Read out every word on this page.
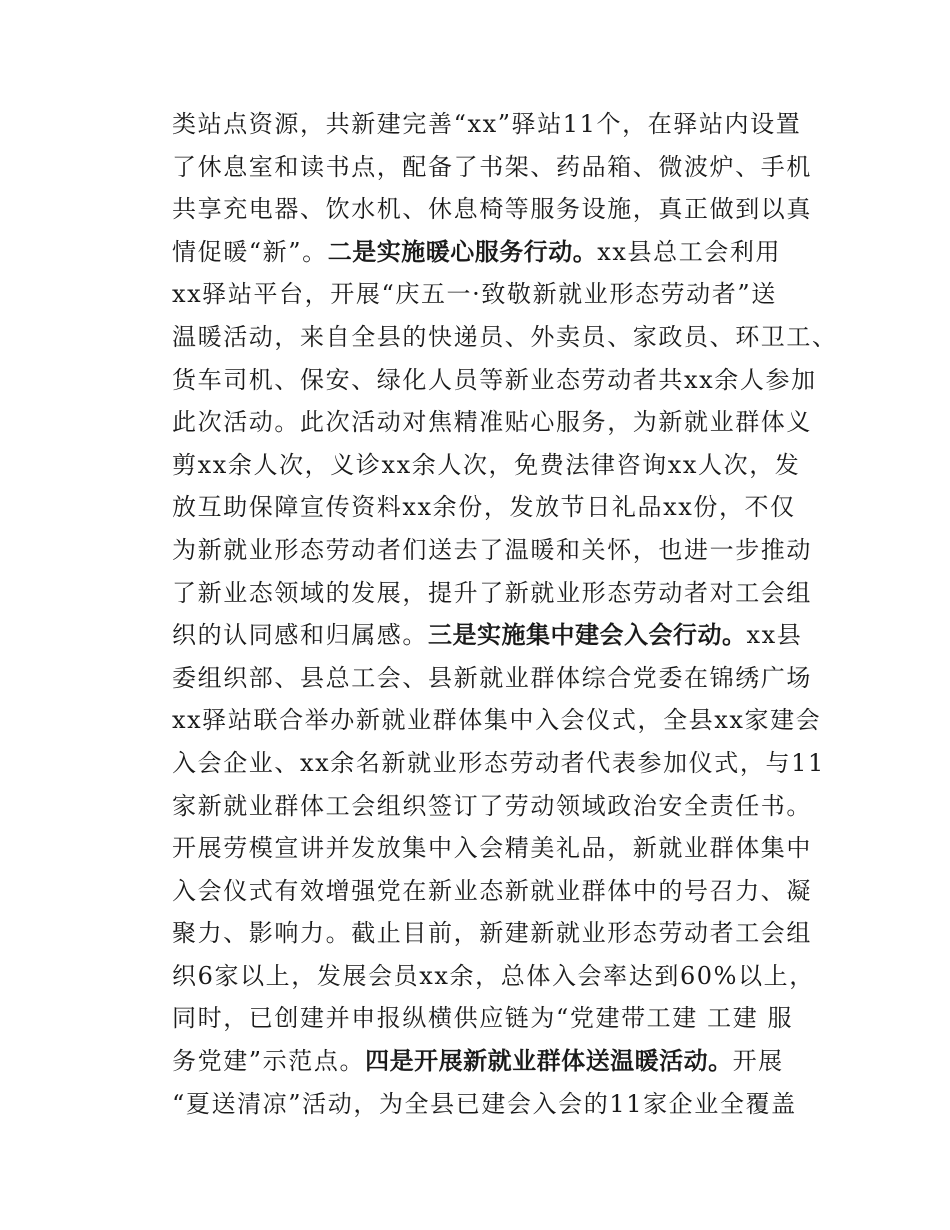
类站点资源，共新建完善“xx”驿站11个，在驿站内设置
了休息室和读书点，配备了书架、药品箱、微波炉、手机
共享充电器、饮水机、休息椅等服务设施，真正做到以真
情促暖“新”。二是实施暖心服务行动。xx县总工会利用
xx驿站平台，开展“庆五一·致敬新就业形态劳动者”送
温暖活动，来自全县的快递员、外卖员、家政员、环卫工、
货车司机、保安、绿化人员等新业态劳动者共xx余人参加
此次活动。此次活动对焦精准贴心服务，为新就业群体义
剪xx余人次，义诊xx余人次，免费法律咨询xx人次，发
放互助保障宣传资料xx余份，发放节日礼品xx份，不仅
为新就业形态劳动者们送去了温暖和关怀，也进一步推动
了新业态领域的发展，提升了新就业形态劳动者对工会组
织的认同感和归属感。三是实施集中建会入会行动。xx县
委组织部、县总工会、县新就业群体综合党委在锦绣广场
xx驿站联合举办新就业群体集中入会仪式，全县xx家建会
入会企业、xx余名新就业形态劳动者代表参加仪式，与11
家新就业群体工会组织签订了劳动领域政治安全责任书。
开展劳模宣讲并发放集中入会精美礼品，新就业群体集中
入会仪式有效增强党在新业态新就业群体中的号召力、凝
聚力、影响力。截止目前，新建新就业形态劳动者工会组
织6家以上，发展会员xx余，总体入会率达到60%以上，
同时，已创建并申报纵横供应链为“党建带工建 工建 服
务党建”示范点。四是开展新就业群体送温暖活动。开展
“夏送清凉”活动，为全县已建会入会的11家企业全覆盖
